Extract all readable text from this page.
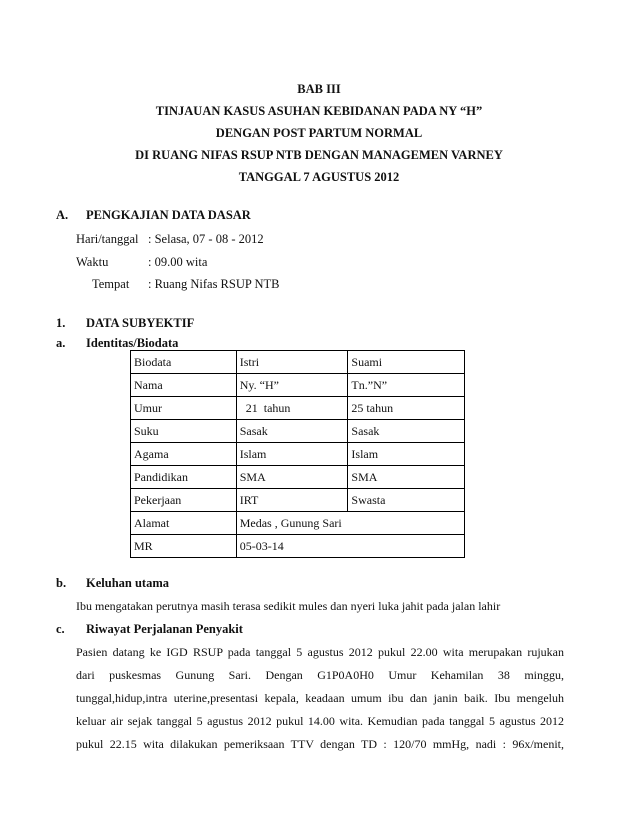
BAB III
TINJAUAN KASUS ASUHAN KEBIDANAN PADA NY “H”
DENGAN POST PARTUM NORMAL
DI RUANG NIFAS RSUP NTB DENGAN MANAGEMEN VARNEY
TANGGAL 7 AGUSTUS 2012
A. PENGKAJIAN DATA DASAR
Hari/tanggal : Selasa, 07 - 08 - 2012
Waktu	: 09.00 wita
Tempat : Ruang Nifas RSUP NTB
1. DATA SUBYEKTIF
a. Identitas/Biodata
Biodata	Istri	Suami
Nama	Ny. “H”	Tn.”N”
Umur	21  tahun	25 tahun
Suku	Sasak	Sasak
Agama	Islam	Islam
Pandidikan	SMA	SMA
Pekerjaan	IRT	Swasta
Alamat	Medas , Gunung Sari	
MR	05-03-14	
b. Keluhan utama
Ibu mengatakan perutnya masih terasa sedikit mules dan nyeri luka jahit pada jalan lahir
c. Riwayat Perjalanan Penyakit
Pasien datang ke IGD RSUP pada tanggal 5 agustus 2012 pukul 22.00 wita merupakan rujukan
dari puskesmas Gunung Sari. Dengan G1P0A0H0 Umur Kehamilan 38 minggu,
tunggal,hidup,intra uterine,presentasi kepala, keadaan umum ibu dan janin baik. Ibu mengeluh
keluar air sejak tanggal 5 agustus 2012 pukul 14.00 wita. Kemudian pada tanggal 5 agustus 2012
pukul 22.15 wita dilakukan pemeriksaan TTV dengan TD : 120/70 mmHg, nadi : 96x/menit,
